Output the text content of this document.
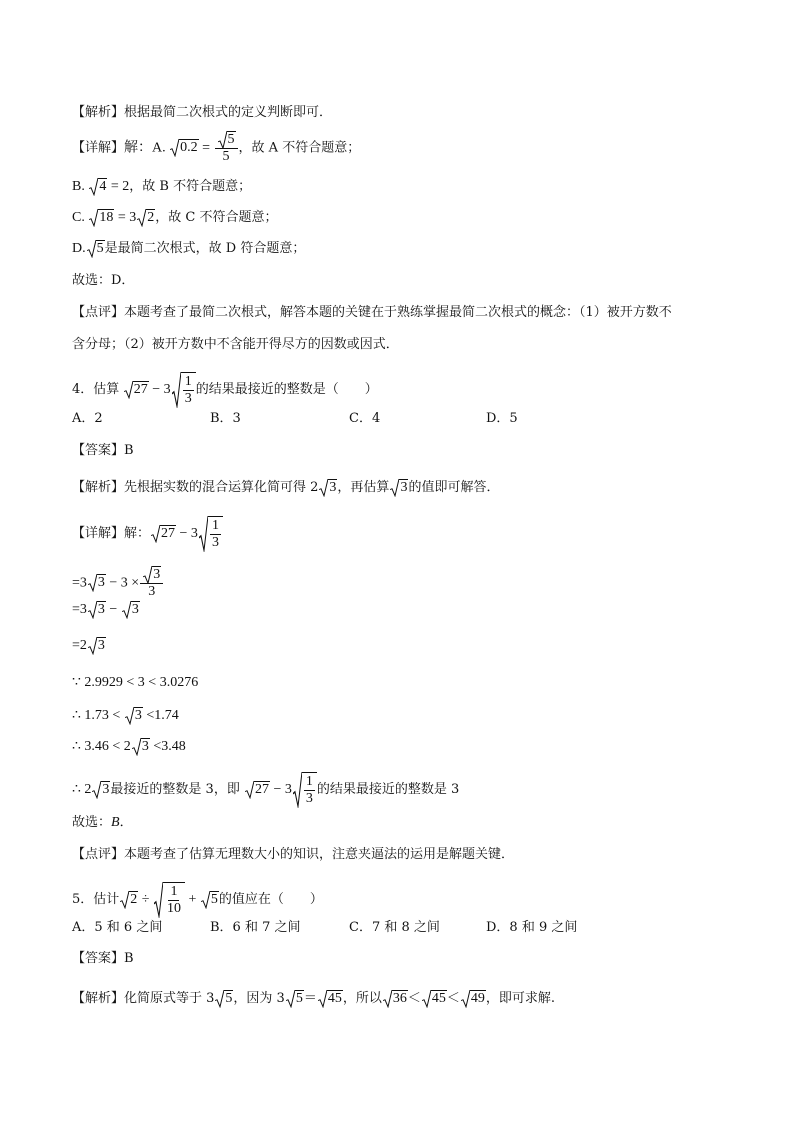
【解析】根据最简二次根式的定义判断即可．
【详解】解：A. $0.2 = \frac{5}{5}$ ，故 A 不符合题意；
B. 4 = 2，故 B 不符合题意；
C. 18 = 3 2，故 C 不符合题意；
D. 5是最简二次根式，故 D 符合题意；
故选：D．
【点评】本题考查了最简二次根式，解答本题的关键在于熟练掌握最简二次根式的概念：（1）被开方数不
含分母；（2）被开方数中不含能开得尽方的因数或因式．
4．估算 $27 - 3 \frac{1}{3}$ 的结果最接近的整数是（　　）
A．2	B．3	C．4	D．5
【答案】B
【解析】先根据实数的混合运算化简可得 2 3，再估算 3的值即可解答．
【详解】解： $27 - 3 \frac{1}{3}$
=3 $3 - 3 \times \frac{3}{3}$
=3 3 − 3
=2 3
∵ 2.9929 < 3 < 3.0276
∴ 1.73 < 3 <1.74
∴ 3.46 < 2 3 <3.48
∴ 2 3最接近的整数是 3，即 $27 - 3 \frac{1}{3}$ 的结果最接近的整数是 3
故选：B．
【点评】本题考查了估算无理数大小的知识，注意夹逼法的运用是解题关键．
5．估计 $2 \div \frac{1}{10} + 5$的值应在（　　）
A．5 和 6 之间	B．6 和 7 之间	C．7 和 8 之间	D．8 和 9 之间
【答案】B
【解析】化简原式等于 3 5，因为 3 5＝ 45，所以 36＜ 45＜ 49，即可求解.
